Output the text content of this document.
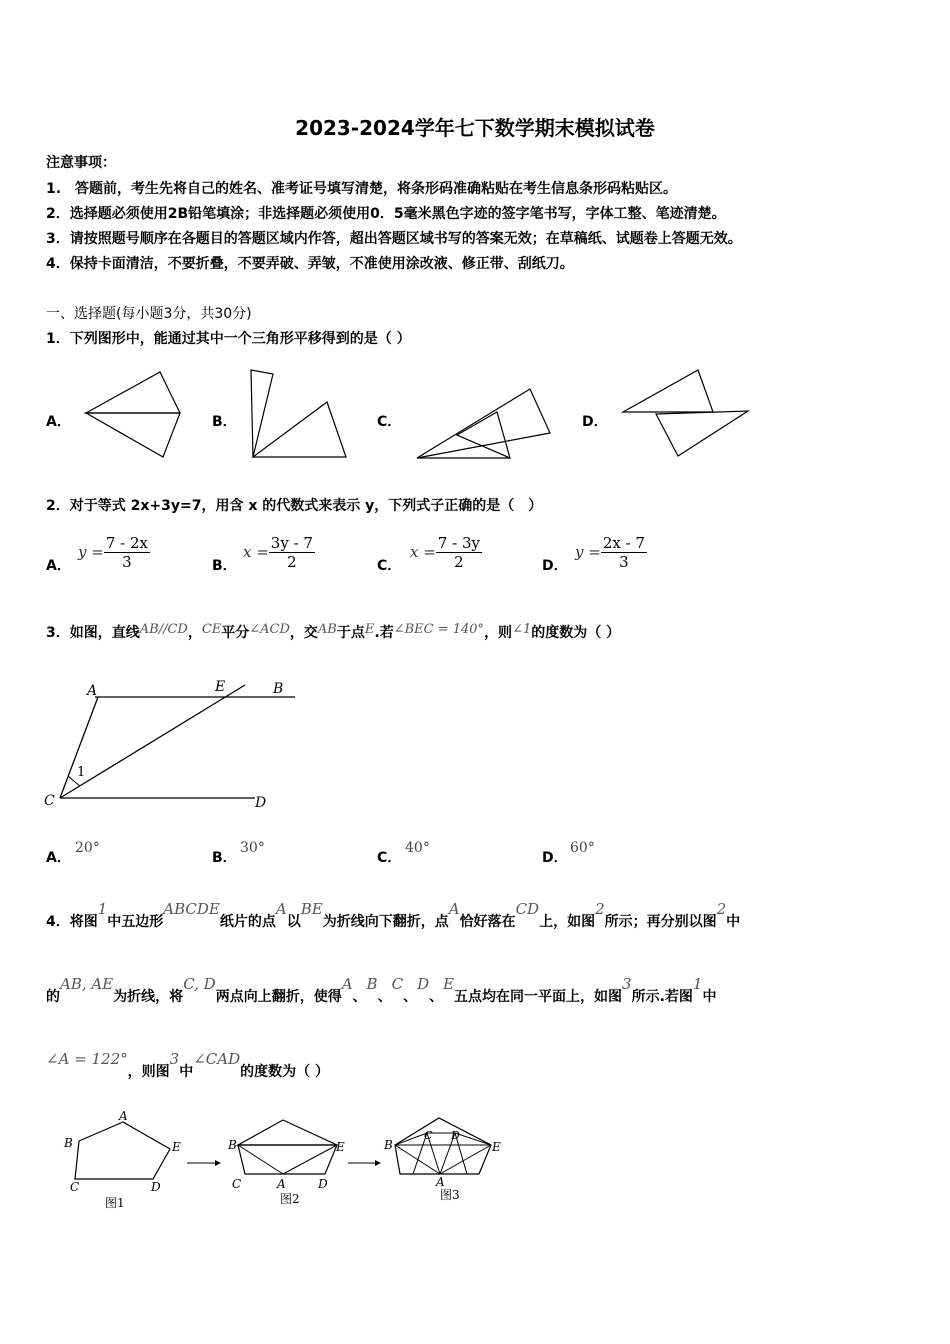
2023-2024学年七下数学期末模拟试卷
注意事项：
1.　答题前，考生先将自己的姓名、准考证号填写清楚，将条形码准确粘贴在考生信息条形码粘贴区。
2．选择题必须使用2B铅笔填涂；非选择题必须使用0．5毫米黑色字迹的签字笔书写，字体工整、笔迹清楚。
3．请按照题号顺序在各题目的答题区域内作答，超出答题区域书写的答案无效；在草稿纸、试题卷上答题无效。
4．保持卡面清洁，不要折叠，不要弄破、弄皱，不准使用涂改液、修正带、刮纸刀。
一、选择题(每小题3分，共30分)
1．下列图形中，能通过其中一个三角形平移得到的是（ ）
A．	B．	C．	D．
2．对于等式 2x+3y=7，用含 x 的代数式来表示 y，下列式子正确的是（　）
A．
$y = \frac{7 - 2x}{3}$	B．
$x = \frac{3y - 7}{2}$	C．
$x = \frac{7 - 3y}{2}$	D．
$y = \frac{2x - 7}{3}$
3．如图，直线AB//CD，CE平分∠ACD，交AB于点E.若∠BEC = 140°，则∠1的度数为（ ）
A	E	B
1
C	D
A．
20°
B．
30°
C．
40°
D．
60°
4．将图1中五边形ABCDE纸片的点A以BE为折线向下翻折，点A恰好落在CD上，如图2所示；再分别以图2中
的AB, AE为折线，将C, D两点向上翻折，使得A、B、C、D、E五点均在同一平面上，如图3所示.若图1中
∠A = 122°，则图3中∠CAD的度数为（ ）
A
B
C	D
E
图1
B	E
C	A	D
图2
B
C D
E
A
图3
